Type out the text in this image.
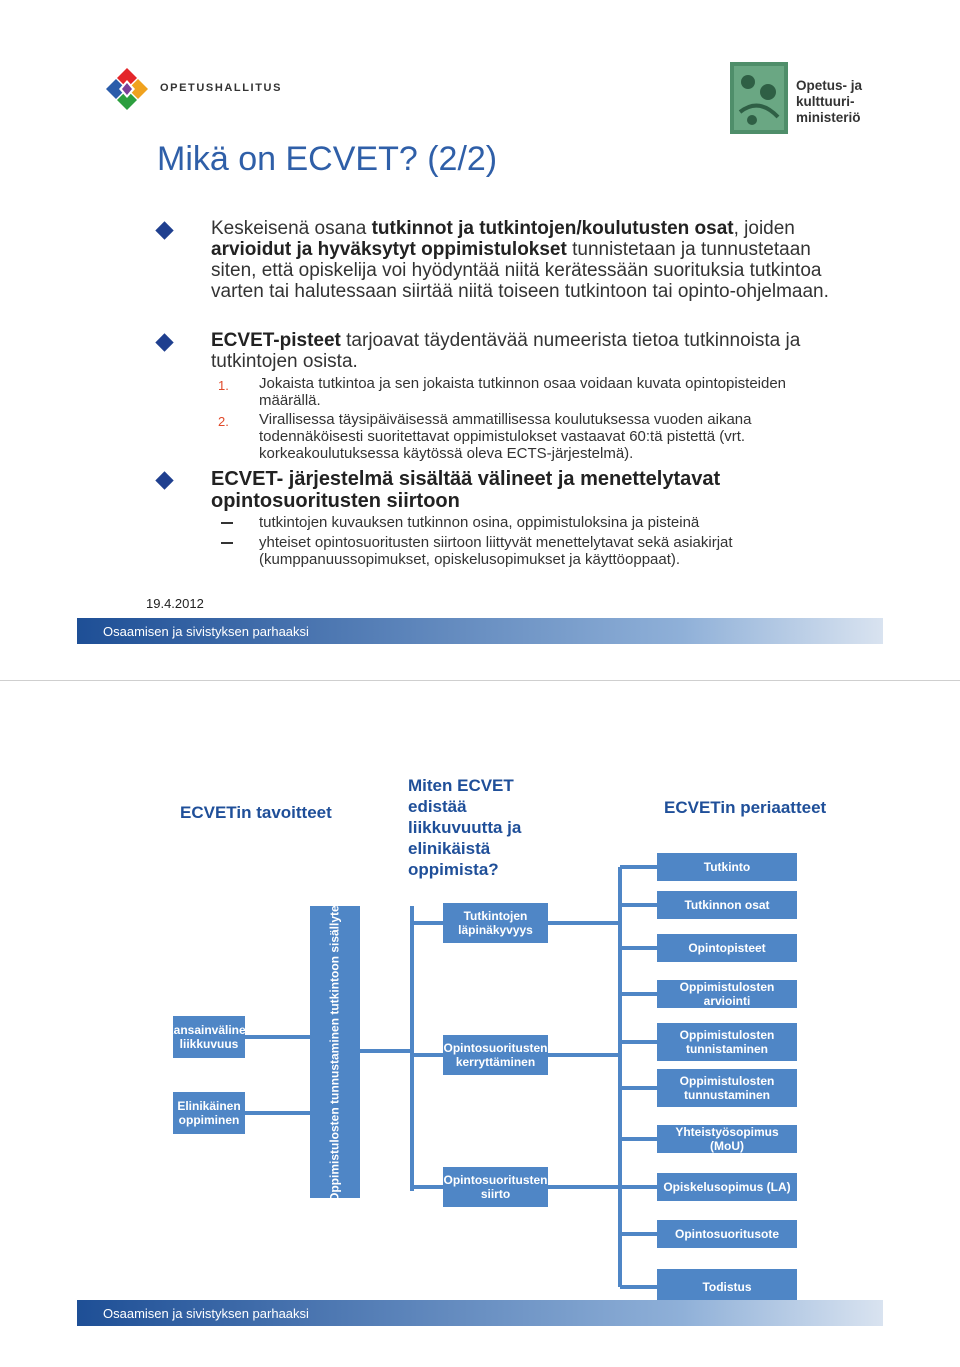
OPETUSHALLITUS	Opetus- ja kulttuuri- ministeriö
Mikä on ECVET? (2/2)
Keskeisenä osana tutkinnot ja tutkintojen/koulutusten osat, joiden arvioidut ja hyväksytyt oppimistulokset tunnistetaan ja tunnustetaan siten, että opiskelija voi hyödyntää niitä kerätessään suorituksia tutkintoa varten tai halutessaan siirtää niitä toiseen tutkintoon tai opinto-ohjelmaan.
ECVET-pisteet tarjoavat täydentävää numeerista tietoa tutkinnoista ja tutkintojen osista.
1. Jokaista tutkintoa ja sen jokaista tutkinnon osaa voidaan kuvata opintopisteiden määrällä.
2. Virallisessa täysipäiväisessä ammatillisessa koulutuksessa vuoden aikana todennäköisesti suoritettavat oppimistulokset vastaavat 60:tä pistettä (vrt. korkeakoulutuksessa käytössä oleva ECTS-järjestelmä).
ECVET- järjestelmä sisältää välineet ja menettelytavat opintosuoritusten siirtoon
tutkintojen kuvauksen tutkinnon osina, oppimistuloksina ja pisteinä
yhteiset opintosuoritusten siirtoon liittyvät menettelytavat sekä asiakirjat (kumppanuussopimukset, opiskelusopimukset ja käyttöoppaat).
19.4.2012
Osaamisen ja sivistyksen parhaaksi
ECVETin tavoitteet
Miten ECVET edistää liikkuvuutta ja elinikäistä oppimista?
ECVETin periaatteet
Kansainvälinen liikkuvuus
Elinikäinen oppiminen	Oppimistulosten tunnustaminen tutkintoon sisällytettäväksi	Tutkintojen läpinäkyvyys
Opintosuoritusten kerryttäminen
Opintosuoritusten siirto
Tutkinto
Tutkinnon osat
Opintopisteet
Oppimistulosten arviointi
Oppimistulosten tunnistaminen
Oppimistulosten tunnustaminen
Yhteistyösopimus (MoU)
Opiskelusopimus (LA)
Opintosuoritusote
Todistus
Osaamisen ja sivistyksen parhaaksi
